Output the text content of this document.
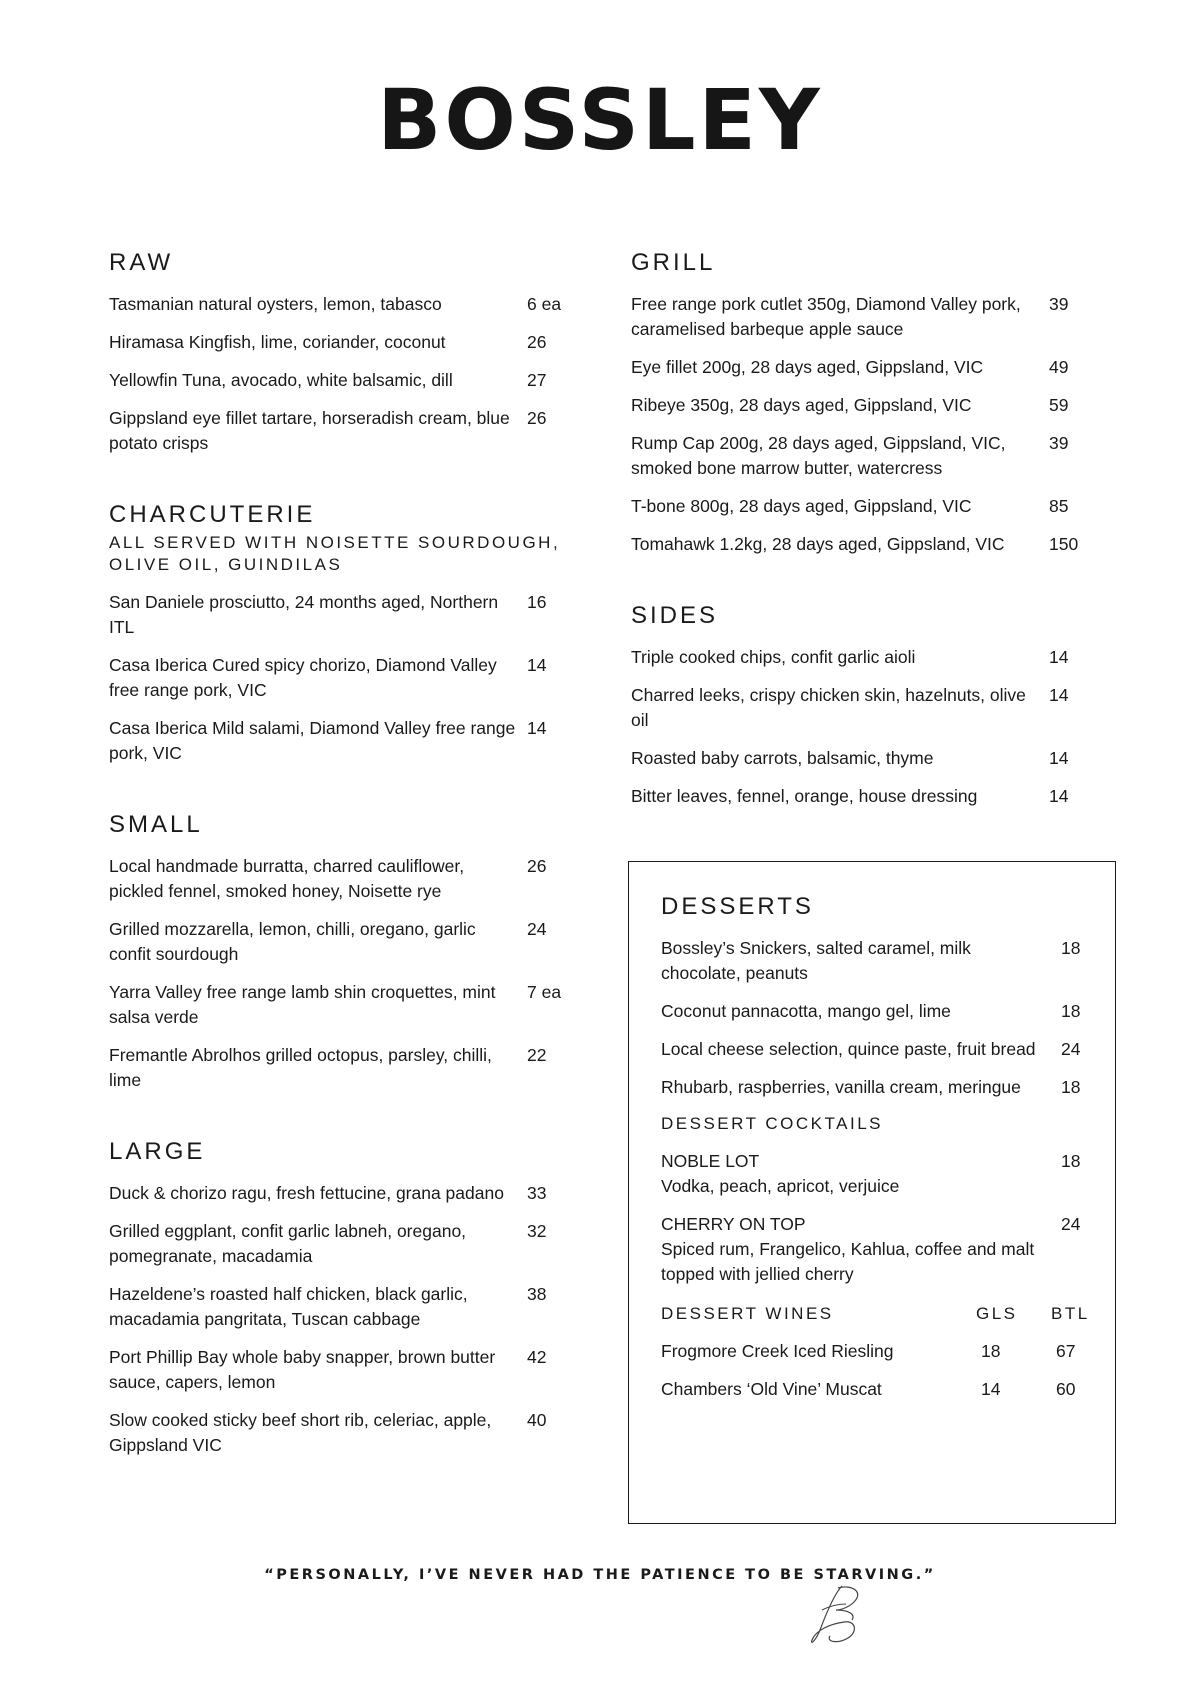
BOSSLEY
RAW
Tasmanian natural oysters, lemon, tabasco	6 ea
Hiramasa Kingfish, lime, coriander, coconut	26
Yellowfin Tuna, avocado, white balsamic, dill	27
Gippsland eye fillet tartare, horseradish cream, blue potato crisps
26
CHARCUTERIE
ALL SERVED WITH NOISETTE SOURDOUGH, OLIVE OIL, GUINDILAS
San Daniele prosciutto, 24 months aged, Northern ITL
16
Casa Iberica Cured spicy chorizo, Diamond Valley free range pork, VIC
14
Casa Iberica Mild salami, Diamond Valley free range pork, VIC
14
SMALL
Local handmade burratta, charred cauliflower, pickled fennel, smoked honey, Noisette rye
26
Grilled mozzarella, lemon, chilli, oregano, garlic confit sourdough
24
Yarra Valley free range lamb shin croquettes, mint salsa verde
7 ea
Fremantle Abrolhos grilled octopus, parsley, chilli, lime
22
LARGE
Duck & chorizo ragu, fresh fettucine, grana padano	33
Grilled eggplant, confit garlic labneh, oregano, pomegranate, macadamia
32
Hazeldene’s roasted half chicken, black garlic, macadamia pangritata, Tuscan cabbage
38
Port Phillip Bay whole baby snapper, brown butter sauce, capers, lemon
42
Slow cooked sticky beef short rib, celeriac, apple, Gippsland VIC
40
GRILL
Free range pork cutlet 350g, Diamond Valley pork, caramelised barbeque apple sauce
39
Eye fillet 200g, 28 days aged, Gippsland, VIC	49
Ribeye 350g, 28 days aged, Gippsland, VIC	59
Rump Cap 200g, 28 days aged, Gippsland, VIC, smoked bone marrow butter, watercress
39
T-bone 800g, 28 days aged, Gippsland, VIC	85
Tomahawk 1.2kg, 28 days aged, Gippsland, VIC	150
SIDES
Triple cooked chips, confit garlic aioli	14
Charred leeks, crispy chicken skin, hazelnuts, olive oil
14
Roasted baby carrots, balsamic, thyme	14
Bitter leaves, fennel, orange, house dressing	14
DESSERTS
Bossley’s Snickers, salted caramel, milk chocolate, peanuts
18
Coconut pannacotta, mango gel, lime	18
Local cheese selection, quince paste, fruit bread	24
Rhubarb, raspberries, vanilla cream, meringue	18
DESSERT COCKTAILS
NOBLE LOT
Vodka, peach, apricot, verjuice
18
CHERRY ON TOP
Spiced rum, Frangelico, Kahlua, coffee and malt topped with jellied cherry
24
DESSERT WINES	GLS	BTL
Frogmore Creek Iced Riesling	18	67
Chambers ‘Old Vine’ Muscat	14	60
“PERSONALLY, I’VE NEVER HAD THE PATIENCE TO BE STARVING.”
